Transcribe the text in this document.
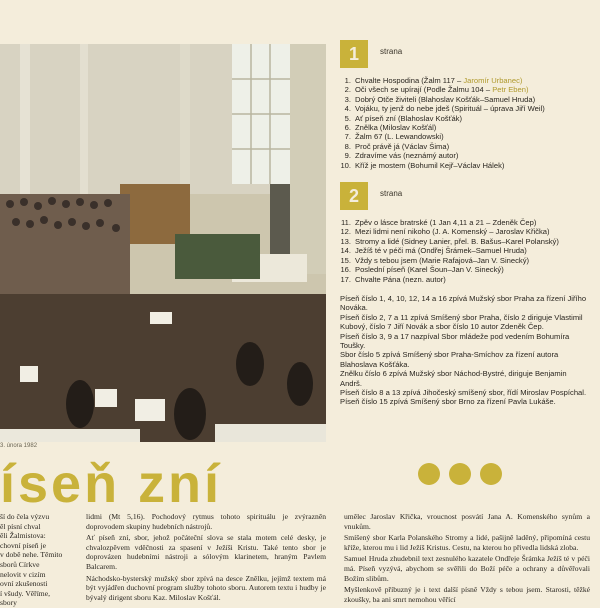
3. února 1982
1	strana
1. Chvalte Hospodina (Žalm 117 – Jaromír Urbanec)
2. Oči všech se upírají (Podle Žalmu 104 – Petr Eben)
3. Dobrý Otče živiteli (Blahoslav Košťák–Samuel Hruda)
4. Vojáku, ty jenž do nebe jdeš (Spirituál – úprava Jiří Weil)
5. Ať píseň zní (Blahoslav Košťák)
6. Znělka (Miloslav Košťál)
7. Žalm 67 (L. Lewandowski)
8. Proč právě já (Václav Šima)
9. Zdravíme vás (neznámý autor)
10. Kříž je mostem (Bohumil Kejř–Václav Hálek)
2	strana
11. Zpěv o lásce bratrské (1 Jan 4,11 a 21 – Zdeněk Čep)
12. Mezi lidmi není nikoho (J. A. Komenský – Jaroslav Křička)
13. Stromy a lidé (Sidney Lanier, přel. B. Bašus–Karel Polanský)
14. Ježíš té v péči má (Ondřej Šrámek–Samuel Hruda)
15. Vždy s tebou jsem (Marie Rafajová–Jan V. Sinecký)
16. Poslední píseň (Karel Šoun–Jan V. Sinecký)
17. Chvalte Pána (nezn. autor)

Píseň číslo 1, 4, 10, 12, 14 a 16 zpívá Mužský sbor Praha za řízení Jiřího Nováka.

Píseň číslo 2, 7 a 11 zpívá Smíšený sbor Praha, číslo 2 diriguje Vlastimil Kubový, číslo 7 Jiří Novák a sbor číslo 10 autor Zdeněk Čep.

Píseň číslo 3, 9 a 17 nazpíval Sbor mládeže pod vedením Bohumíra Toušky.

Sbor číslo 5 zpívá Smíšený sbor Praha-Smíchov za řízení autora Blahoslava Košťáka.

Znělku číslo 6 zpívá Mužský sbor Náchod-Bystré, diriguje Benjamin Andrš.

Píseň číslo 8 a 13 zpívá Jihočeský smíšený sbor, řídí Miroslav Pospíchal.

Píseň číslo 15 zpívá Smíšený sbor Brno za řízení Pavla Lukáše.

íseň zní
ší do čela výzvu
ěl písní chval
ěli Žalmistova:
chovní píseň je
v době nehe. Těmito
sborů Církve
nelovit v cizím
ovní zkušenosti
í všudy. Věříme,
sbory

lidmi (Mt 5,16). Pochodový rytmus tohoto spirituálu je zvýrazněn doprovodem skupiny hudebních nástrojů.

Ať píseň zní, sbor, jehož počáteční slova se stala motem celé desky, je chvalozpěvem vděčnosti za spasení v Ježíši Kristu. Také tento sbor je doprovázen hudebními nástroji a sólovým klarinetem, hraným Pavlem Balcarem.

Náchodsko-bysterský mužský sbor zpívá na desce Znělku, jejímž textem má být vyjádřen duchovní program služby tohoto sboru. Autorem textu i hudby je bývalý dirigent sboru Kaz. Miloslav Košťál.

umělec Jaroslav Křička, vroucnost posvátí Jana A. Komenského synům a vnukům.

Smíšený sbor Karla Polanského Stromy a lidé, pašijně laděný, připomíná cestu kříže, kterou mu i lid Ježíš Kristus. Cestu, na kterou ho přivedla lidská zloba.

Samuel Hruda zhudebnil text zesnulého kazatele Ondřeje Šrámka Ježíš té v péči má. Píseň vyzývá, abychom se svěřili do Boží péče a ochrany a důvěřovali Božím slibům.

Myšlenkově příbuzný je i text další písně Vždy s tebou jsem. Starosti, těžké zkoušky, ba ani smrt nemohou věřící
